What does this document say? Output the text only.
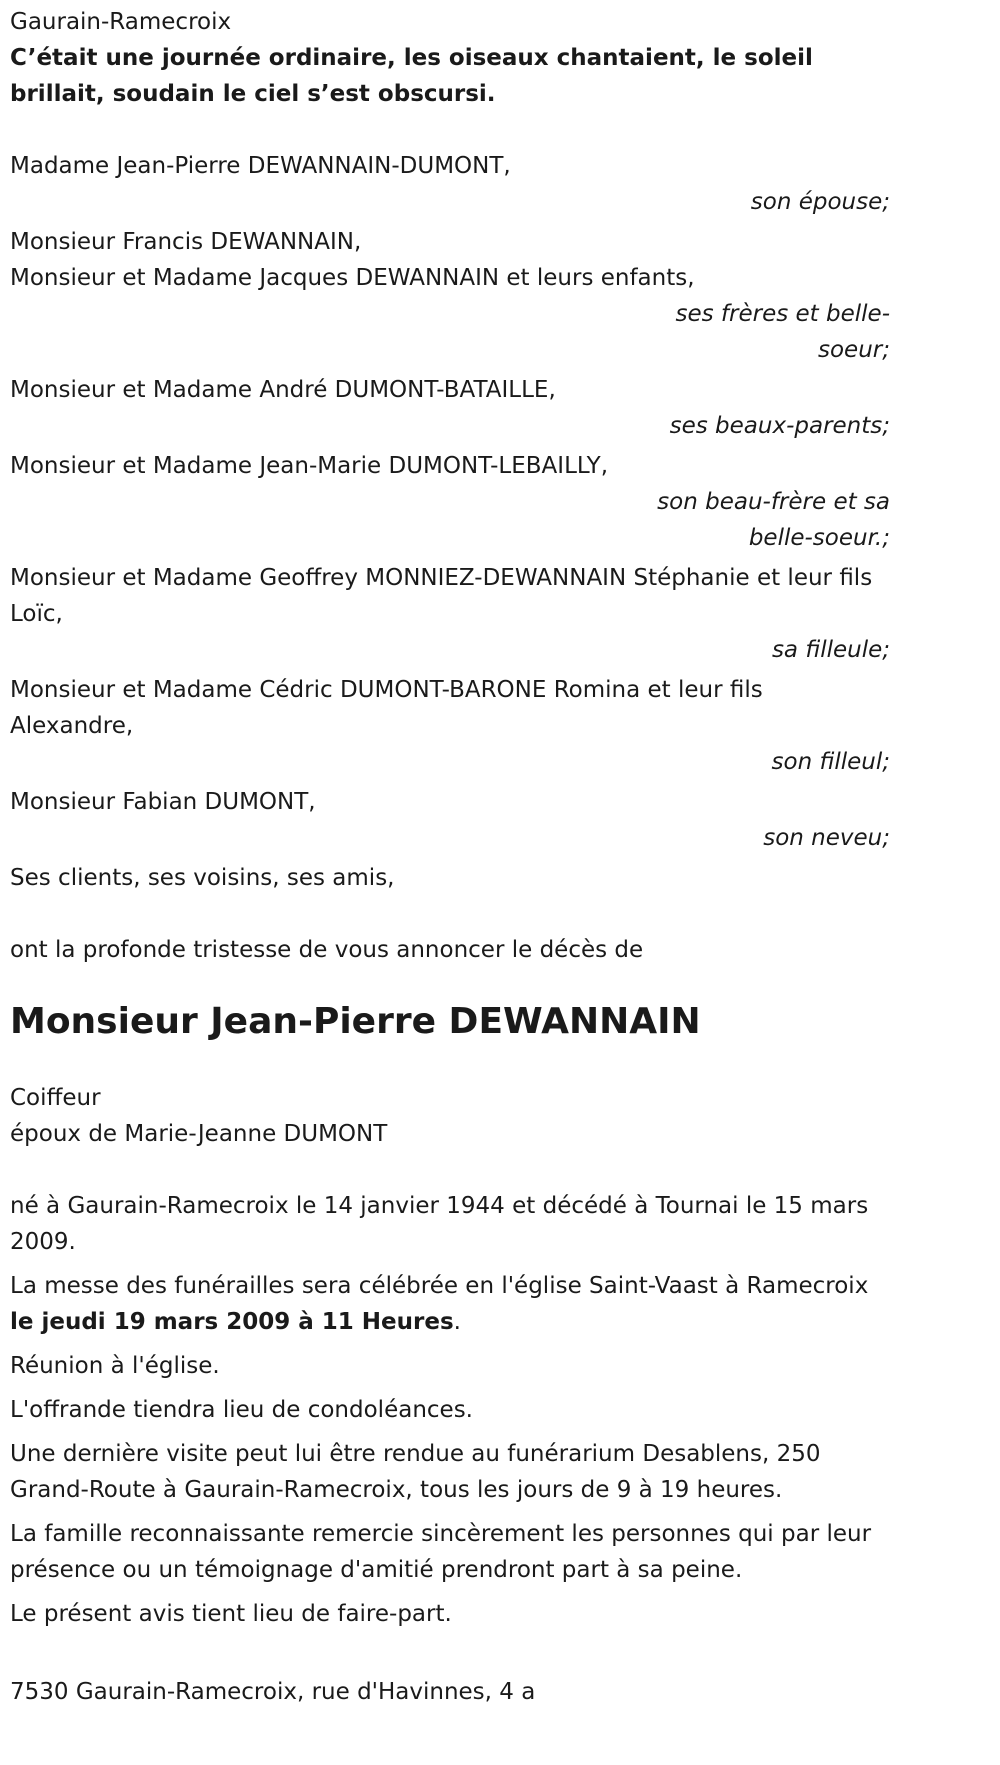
Gaurain-Ramecroix

C’était une journée ordinaire, les oiseaux chantaient, le soleil brillait, soudain le ciel s’est obscursi.

Madame Jean-Pierre DEWANNAIN-DUMONT,

son épouse;

Monsieur Francis DEWANNAIN,

Monsieur et Madame Jacques DEWANNAIN et leurs enfants,

ses frères et belle-soeur;

Monsieur et Madame André DUMONT-BATAILLE,

ses beaux-parents;

Monsieur et Madame Jean-Marie DUMONT-LEBAILLY,

son beau-frère et sa belle-soeur.;

Monsieur et Madame Geoffrey MONNIEZ-DEWANNAIN Stéphanie et leur fils Loïc,

sa filleule;

Monsieur et Madame Cédric DUMONT-BARONE Romina et leur fils Alexandre,

son filleul;

Monsieur Fabian DUMONT,

son neveu;

Ses clients, ses voisins, ses amis,

ont la profonde tristesse de vous annoncer le décès de

Monsieur Jean-Pierre DEWANNAIN

Coiffeur

époux de Marie-Jeanne DUMONT

né à Gaurain-Ramecroix le 14 janvier 1944 et décédé à Tournai le 15 mars 2009.

La messe des funérailles sera célébrée en l'église Saint-Vaast à Ramecroix le jeudi 19 mars 2009 à 11 Heures.

Réunion à l'église.

L'offrande tiendra lieu de condoléances.

Une dernière visite peut lui être rendue au funérarium Desablens, 250 Grand-Route à Gaurain-Ramecroix, tous les jours de 9 à 19 heures.

La famille reconnaissante remercie sincèrement les personnes qui par leur présence ou un témoignage d'amitié prendront part à sa peine.

Le présent avis tient lieu de faire-part.

7530 Gaurain-Ramecroix, rue d'Havinnes, 4 a
